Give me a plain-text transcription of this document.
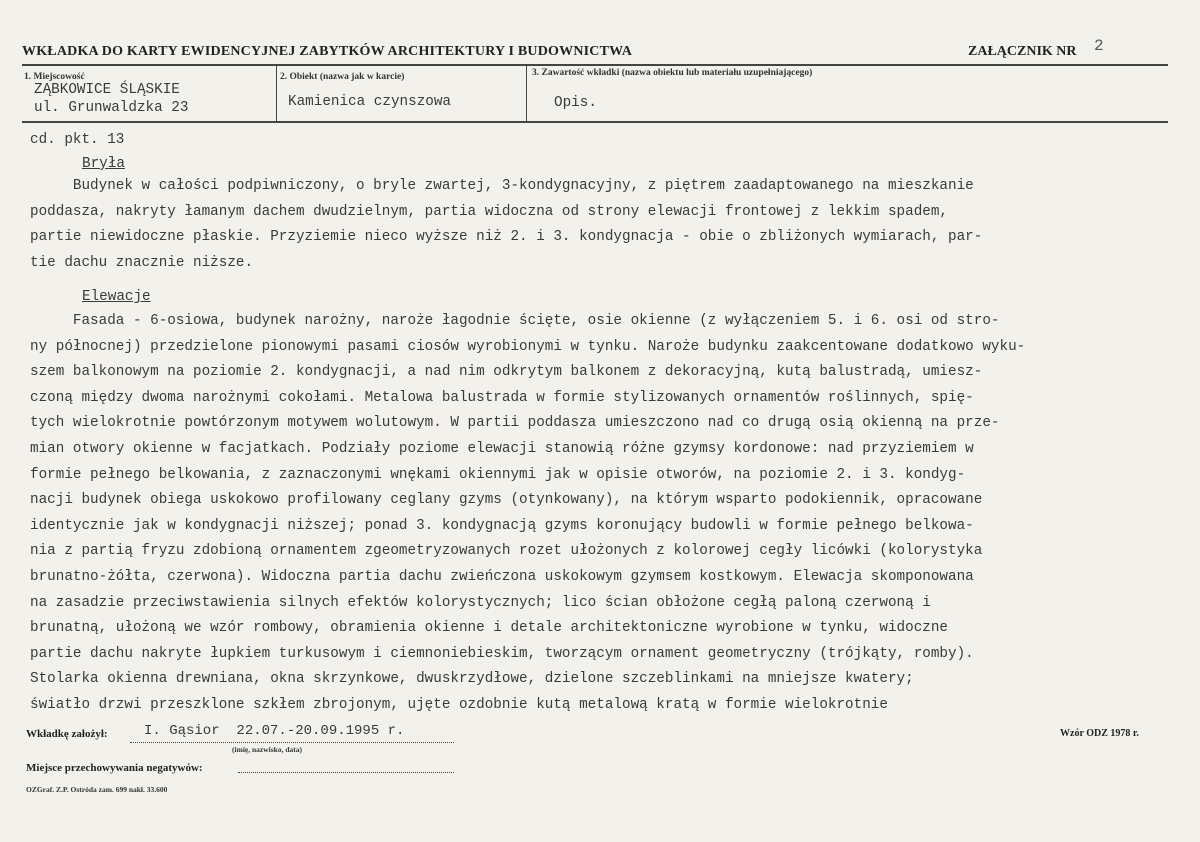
WKŁADKA DO KARTY EWIDENCYJNEJ ZABYTKÓW ARCHITEKTURY I BUDOWNICTWA	ZAŁĄCZNIK NR 2
1. Miejscowość
ZĄBKOWICE ŚLĄSKIE
ul. Grunwaldzka 23
2. Obiekt (nazwa jak w karcie)
Kamienica czynszowa
3. Zawartość wkładki (nazwa obiektu lub materiału uzupełniającego)
Opis.
cd. pkt. 13
Bryła
Budynek w całości podpiwniczony, o bryle zwartej, 3-kondygnacyjny, z piętrem zaadaptowanego na mieszkanie
poddasza, nakryty łamanym dachem dwudzielnym, partia widoczna od strony elewacji frontowej z lekkim spadem,
partie niewidoczne płaskie. Przyziemie nieco wyższe niż 2. i 3. kondygnacja - obie o zbliżonych wymiarach, par-
tie dachu znacznie niższe.
Elewacje
Fasada - 6-osiowa, budynek narożny, naroże łagodnie ścięte, osie okienne (z wyłączeniem 5. i 6. osi od stro-
ny północnej) przedzielone pionowymi pasami ciosów wyrobionymi w tynku. Naroże budynku zaakcentowane dodatkowo wyku-
szem balkonowym na poziomie 2. kondygnacji, a nad nim odkrytym balkonem z dekoracyjną, kutą balustradą, umiesz-
czoną między dwoma narożnymi cokołami. Metalowa balustrada w formie stylizowanych ornamentów roślinnych, spię-
tych wielokrotnie powtórzonym motywem wolutowym. W partii poddasza umieszczono nad co drugą osią okienną na prze-
mian otwory okienne w facjatkach. Podziały poziome elewacji stanowią różne gzymsy kordonowe: nad przyziemiem w
formie pełnego belkowania, z zaznaczonymi wnękami okiennymi jak w opisie otworów, na poziomie 2. i 3. kondyg-
nacji budynek obiega uskokowo profilowany ceglany gzyms (otynkowany), na którym wsparto podokiennik, opracowane
identycznie jak w kondygnacji niższej; ponad 3. kondygnacją gzyms koronujący budowli w formie pełnego belkowa-
nia z partią fryzu zdobioną ornamentem zgeometryzowanych rozet ułożonych z kolorowej cegły licówki (kolorystyka
brunatno-żółta, czerwona). Widoczna partia dachu zwieńczona uskokowym gzymsem kostkowym. Elewacja skomponowana
na zasadzie przeciwstawienia silnych efektów kolorystycznych; lico ścian obłożone cegłą paloną czerwoną i
brunatną, ułożoną we wzór rombowy, obramienia okienne i detale architektoniczne wyrobione w tynku, widoczne
partie dachu nakryte łupkiem turkusowym i ciemnoniebieskim, tworzącym ornament geometryczny (trójkąty, romby).
Stolarka okienna drewniana, okna skrzynkowe, dwuskrzydłowe, dzielone szczeblinkami na mniejsze kwatery;
światło drzwi przeszklone szkłem zbrojonym, ujęte ozdobnie kutą metalową kratą w formie wielokrotnie
Wkładkę założył:	I. Gąsior  22.07.-20.09.1995 r.
(imię, nazwisko, data)
Miejsce przechowywania negatywów:
OZGraf. Z.P. Ostróda zam. 699 nakł. 33.600
Wzór ODZ 1978 r.
